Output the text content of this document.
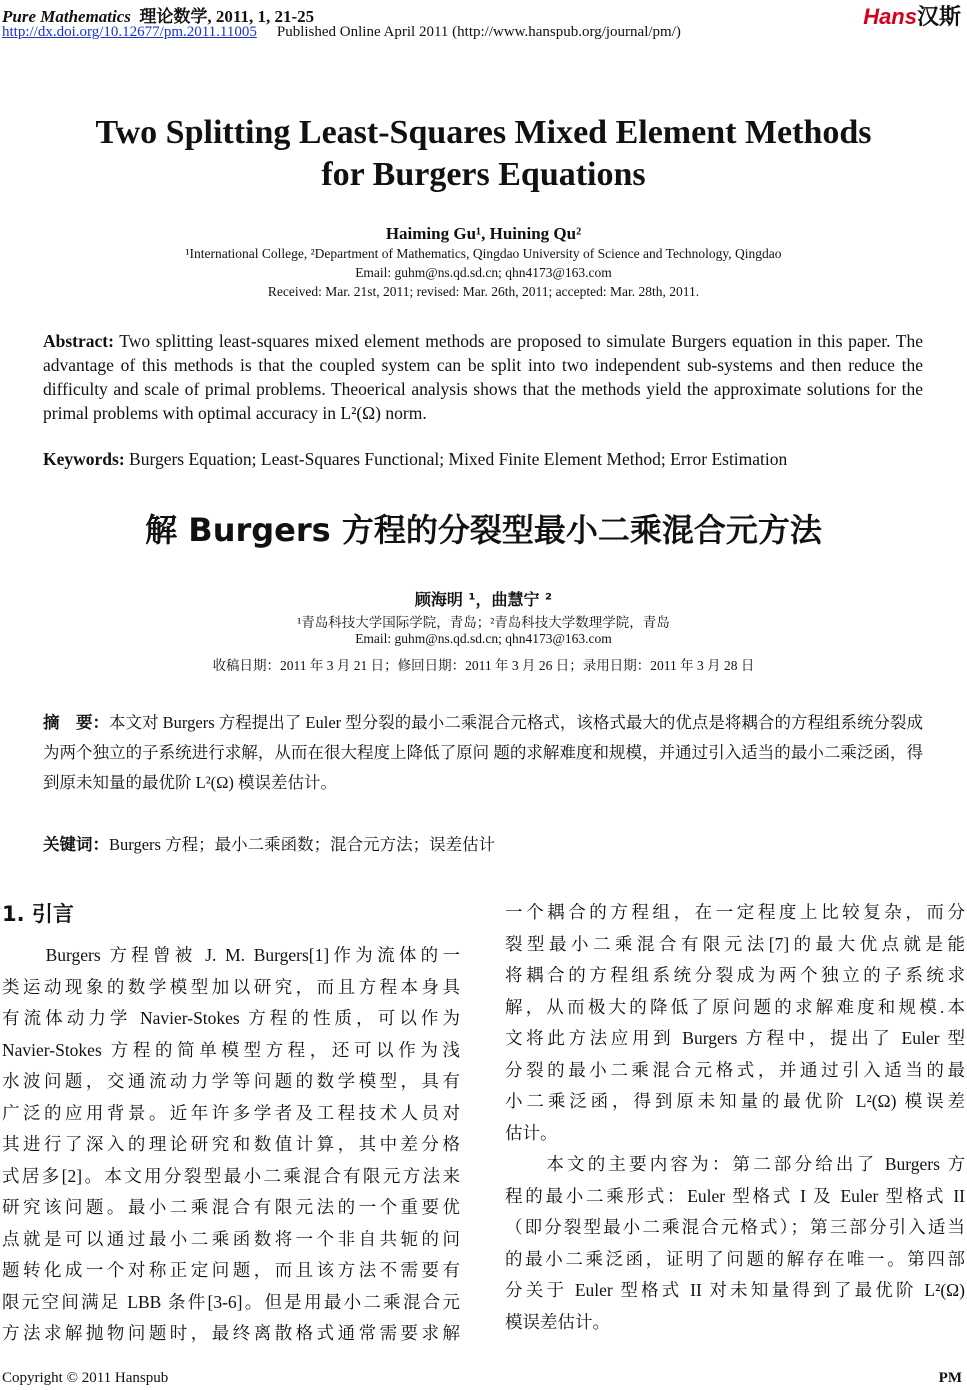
Pure Mathematics 理论数学, 2011, 1, 21-25
http://dx.doi.org/10.12677/pm.2011.11005 Published Online April 2011 (http://www.hanspub.org/journal/pm/)
Hans汉斯
Two Splitting Least-Squares Mixed Element Methods
for Burgers Equations
Haiming Gu¹, Huining Qu²
¹International College, ²Department of Mathematics, Qingdao University of Science and Technology, Qingdao
Email: guhm@ns.qd.sd.cn; qhn4173@163.com
Received: Mar. 21st, 2011; revised: Mar. 26th, 2011; accepted: Mar. 28th, 2011.
Abstract: Two splitting least-squares mixed element methods are proposed to simulate Burgers equation in this paper. The advantage of this methods is that the coupled system can be split into two independent sub-systems and then reduce the difficulty and scale of primal problems. Theoerical analysis shows that the methods yield the approximate solutions for the primal problems with optimal accuracy in L²(Ω) norm.
Keywords: Burgers Equation; Least-Squares Functional; Mixed Finite Element Method; Error Estimation
解 Burgers 方程的分裂型最小二乘混合元方法
顾海明 ¹，曲慧宁 ²
¹青岛科技大学国际学院，青岛；²青岛科技大学数理学院，青岛
Email: guhm@ns.qd.sd.cn; qhn4173@163.com
收稿日期：2011 年 3 月 21 日；修回日期：2011 年 3 月 26 日；录用日期：2011 年 3 月 28 日
摘　要：本文对 Burgers 方程提出了 Euler 型分裂的最小二乘混合元格式，该格式最大的优点是将耦合的方程组系统分裂成为两个独立的子系统进行求解，从而在很大程度上降低了原问 题的求解难度和规模，并通过引入适当的最小二乘泛函，得到原未知量的最优阶 L²(Ω) 模误差估计。
关键词：Burgers 方程；最小二乘函数；混合元方法；误差估计
1. 引言
　　Burgers 方程曾被 J. M. Burgers[1]作为流体的一
类运动现象的数学模型加以研究，而且方程本身具
有流体动力学 Navier-Stokes 方程的性质，可以作为
Navier-Stokes 方程的简单模型方程，还可以作为浅
水波问题，交通流动力学等问题的数学模型，具有
广泛的应用背景。近年许多学者及工程技术人员对
其进行了深入的理论研究和数值计算，其中差分格
式居多[2]。本文用分裂型最小二乘混合有限元方法来
研究该问题。最小二乘混合有限元法的一个重要优
点就是可以通过最小二乘函数将一个非自共轭的问
题转化成一个对称正定问题，而且该方法不需要有
限元空间满足 LBB 条件[3-6]。但是用最小二乘混合元
方法求解抛物问题时，最终离散格式通常需要求解
一个耦合的方程组，在一定程度上比较复杂，而分
裂型最小二乘混合有限元法[7]的最大优点就是能
将耦合的方程组系统分裂成为两个独立的子系统求
解，从而极大的降低了原问题的求解难度和规模.本
文将此方法应用到 Burgers 方程中，提出了 Euler 型
分裂的最小二乘混合元格式，并通过引入适当的最
小二乘泛函，得到原未知量的最优阶 L²(Ω) 模误差
估计。
　　本文的主要内容为：第二部分给出了 Burgers 方
程的最小二乘形式：Euler 型格式 I 及 Euler 型格式 II
（即分裂型最小二乘混合元格式）；第三部分引入适当
的最小二乘泛函，证明了问题的解存在唯一。第四部
分关于 Euler 型格式 II 对未知量得到了最优阶 L²(Ω)
模误差估计。
Copyright © 2011 Hanspub	PM
